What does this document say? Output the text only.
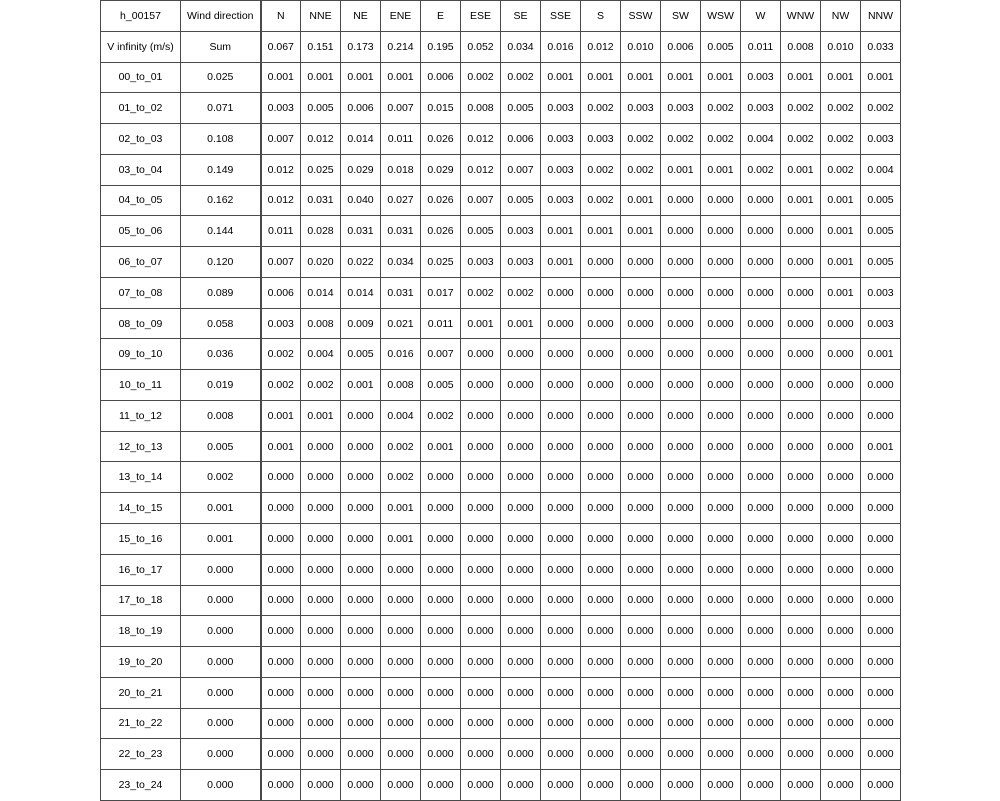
h_00157	Wind direction	N	NNE	NE	ENE	E	ESE	SE	SSE	S	SSW	SW	WSW	W	WNW	NW	NNW
V infinity (m/s)	Sum	0.067	0.151	0.173	0.214	0.195	0.052	0.034	0.016	0.012	0.010	0.006	0.005	0.011	0.008	0.010	0.033
00_to_01	0.025	0.001	0.001	0.001	0.001	0.006	0.002	0.002	0.001	0.001	0.001	0.001	0.001	0.003	0.001	0.001	0.001
01_to_02	0.071	0.003	0.005	0.006	0.007	0.015	0.008	0.005	0.003	0.002	0.003	0.003	0.002	0.003	0.002	0.002	0.002
02_to_03	0.108	0.007	0.012	0.014	0.011	0.026	0.012	0.006	0.003	0.003	0.002	0.002	0.002	0.004	0.002	0.002	0.003
03_to_04	0.149	0.012	0.025	0.029	0.018	0.029	0.012	0.007	0.003	0.002	0.002	0.001	0.001	0.002	0.001	0.002	0.004
04_to_05	0.162	0.012	0.031	0.040	0.027	0.026	0.007	0.005	0.003	0.002	0.001	0.000	0.000	0.000	0.001	0.001	0.005
05_to_06	0.144	0.011	0.028	0.031	0.031	0.026	0.005	0.003	0.001	0.001	0.001	0.000	0.000	0.000	0.000	0.001	0.005
06_to_07	0.120	0.007	0.020	0.022	0.034	0.025	0.003	0.003	0.001	0.000	0.000	0.000	0.000	0.000	0.000	0.001	0.005
07_to_08	0.089	0.006	0.014	0.014	0.031	0.017	0.002	0.002	0.000	0.000	0.000	0.000	0.000	0.000	0.000	0.001	0.003
08_to_09	0.058	0.003	0.008	0.009	0.021	0.011	0.001	0.001	0.000	0.000	0.000	0.000	0.000	0.000	0.000	0.000	0.003
09_to_10	0.036	0.002	0.004	0.005	0.016	0.007	0.000	0.000	0.000	0.000	0.000	0.000	0.000	0.000	0.000	0.000	0.001
10_to_11	0.019	0.002	0.002	0.001	0.008	0.005	0.000	0.000	0.000	0.000	0.000	0.000	0.000	0.000	0.000	0.000	0.000
11_to_12	0.008	0.001	0.001	0.000	0.004	0.002	0.000	0.000	0.000	0.000	0.000	0.000	0.000	0.000	0.000	0.000	0.000
12_to_13	0.005	0.001	0.000	0.000	0.002	0.001	0.000	0.000	0.000	0.000	0.000	0.000	0.000	0.000	0.000	0.000	0.001
13_to_14	0.002	0.000	0.000	0.000	0.002	0.000	0.000	0.000	0.000	0.000	0.000	0.000	0.000	0.000	0.000	0.000	0.000
14_to_15	0.001	0.000	0.000	0.000	0.001	0.000	0.000	0.000	0.000	0.000	0.000	0.000	0.000	0.000	0.000	0.000	0.000
15_to_16	0.001	0.000	0.000	0.000	0.001	0.000	0.000	0.000	0.000	0.000	0.000	0.000	0.000	0.000	0.000	0.000	0.000
16_to_17	0.000	0.000	0.000	0.000	0.000	0.000	0.000	0.000	0.000	0.000	0.000	0.000	0.000	0.000	0.000	0.000	0.000
17_to_18	0.000	0.000	0.000	0.000	0.000	0.000	0.000	0.000	0.000	0.000	0.000	0.000	0.000	0.000	0.000	0.000	0.000
18_to_19	0.000	0.000	0.000	0.000	0.000	0.000	0.000	0.000	0.000	0.000	0.000	0.000	0.000	0.000	0.000	0.000	0.000
19_to_20	0.000	0.000	0.000	0.000	0.000	0.000	0.000	0.000	0.000	0.000	0.000	0.000	0.000	0.000	0.000	0.000	0.000
20_to_21	0.000	0.000	0.000	0.000	0.000	0.000	0.000	0.000	0.000	0.000	0.000	0.000	0.000	0.000	0.000	0.000	0.000
21_to_22	0.000	0.000	0.000	0.000	0.000	0.000	0.000	0.000	0.000	0.000	0.000	0.000	0.000	0.000	0.000	0.000	0.000
22_to_23	0.000	0.000	0.000	0.000	0.000	0.000	0.000	0.000	0.000	0.000	0.000	0.000	0.000	0.000	0.000	0.000	0.000
23_to_24	0.000	0.000	0.000	0.000	0.000	0.000	0.000	0.000	0.000	0.000	0.000	0.000	0.000	0.000	0.000	0.000	0.000
